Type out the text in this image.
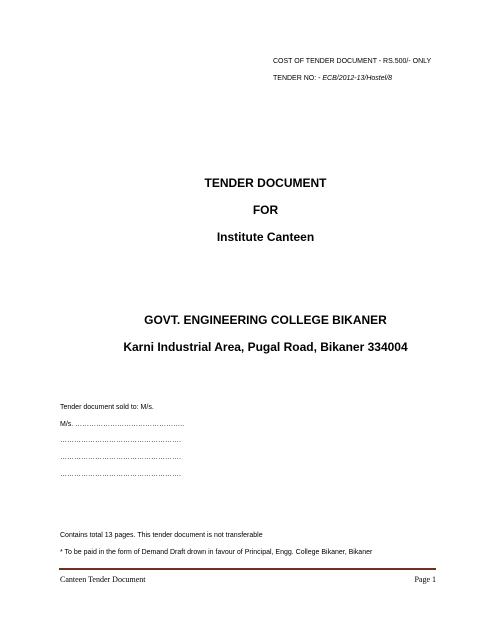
COST OF TENDER DOCUMENT - RS.500/- ONLY
TENDER NO: - ECB/2012-13/Hostel/8
TENDER DOCUMENT
FOR
Institute Canteen
GOVT. ENGINEERING COLLEGE BIKANER
Karni Industrial Area, Pugal Road, Bikaner 334004
Tender document sold to: M/s.
M/s. ………………………………………..
…………………………………………….
…………………………………………….
…………………………………………….
Contains total 13 pages. This tender document is not transferable
* To be paid in the form of Demand Draft drown in favour of Principal, Engg. College Bikaner, Bikaner
Canteen Tender Document	Page 1
